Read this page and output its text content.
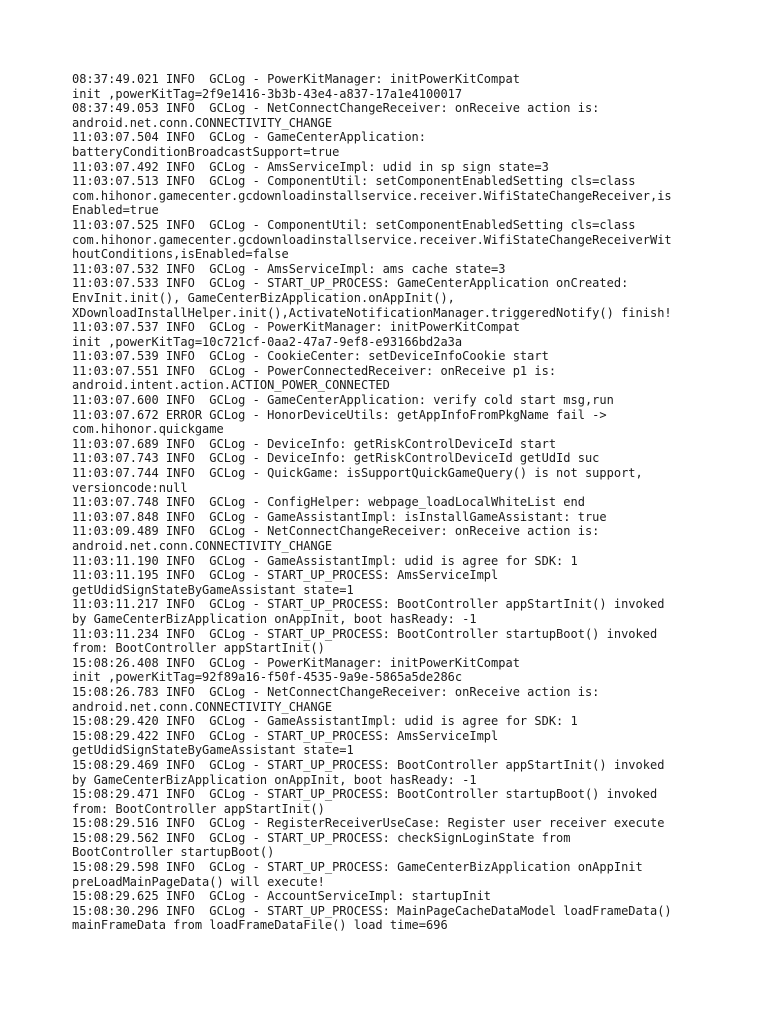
08:37:49.021 INFO  GCLog - PowerKitManager: initPowerKitCompat
init ,powerKitTag=2f9e1416-3b3b-43e4-a837-17a1e4100017
08:37:49.053 INFO  GCLog - NetConnectChangeReceiver: onReceive action is:
android.net.conn.CONNECTIVITY_CHANGE
11:03:07.504 INFO  GCLog - GameCenterApplication:
batteryConditionBroadcastSupport=true
11:03:07.492 INFO  GCLog - AmsServiceImpl: udid in sp sign state=3
11:03:07.513 INFO  GCLog - ComponentUtil: setComponentEnabledSetting cls=class
com.hihonor.gamecenter.gcdownloadinstallservice.receiver.WifiStateChangeReceiver,is
Enabled=true
11:03:07.525 INFO  GCLog - ComponentUtil: setComponentEnabledSetting cls=class
com.hihonor.gamecenter.gcdownloadinstallservice.receiver.WifiStateChangeReceiverWit
houtConditions,isEnabled=false
11:03:07.532 INFO  GCLog - AmsServiceImpl: ams cache state=3
11:03:07.533 INFO  GCLog - START_UP_PROCESS: GameCenterApplication onCreated:
EnvInit.init(), GameCenterBizApplication.onAppInit(),
XDownloadInstallHelper.init(),ActivateNotificationManager.triggeredNotify() finish!
11:03:07.537 INFO  GCLog - PowerKitManager: initPowerKitCompat
init ,powerKitTag=10c721cf-0aa2-47a7-9ef8-e93166bd2a3a
11:03:07.539 INFO  GCLog - CookieCenter: setDeviceInfoCookie start
11:03:07.551 INFO  GCLog - PowerConnectedReceiver: onReceive p1 is:
android.intent.action.ACTION_POWER_CONNECTED
11:03:07.600 INFO  GCLog - GameCenterApplication: verify cold start msg,run
11:03:07.672 ERROR GCLog - HonorDeviceUtils: getAppInfoFromPkgName fail ->
com.hihonor.quickgame
11:03:07.689 INFO  GCLog - DeviceInfo: getRiskControlDeviceId start
11:03:07.743 INFO  GCLog - DeviceInfo: getRiskControlDeviceId getUdId suc
11:03:07.744 INFO  GCLog - QuickGame: isSupportQuickGameQuery() is not support,
versioncode:null
11:03:07.748 INFO  GCLog - ConfigHelper: webpage_loadLocalWhiteList end
11:03:07.848 INFO  GCLog - GameAssistantImpl: isInstallGameAssistant: true
11:03:09.489 INFO  GCLog - NetConnectChangeReceiver: onReceive action is:
android.net.conn.CONNECTIVITY_CHANGE
11:03:11.190 INFO  GCLog - GameAssistantImpl: udid is agree for SDK: 1
11:03:11.195 INFO  GCLog - START_UP_PROCESS: AmsServiceImpl
getUdidSignStateByGameAssistant state=1
11:03:11.217 INFO  GCLog - START_UP_PROCESS: BootController appStartInit() invoked
by GameCenterBizApplication onAppInit, boot hasReady: -1
11:03:11.234 INFO  GCLog - START_UP_PROCESS: BootController startupBoot() invoked
from: BootController appStartInit()
15:08:26.408 INFO  GCLog - PowerKitManager: initPowerKitCompat
init ,powerKitTag=92f89a16-f50f-4535-9a9e-5865a5de286c
15:08:26.783 INFO  GCLog - NetConnectChangeReceiver: onReceive action is:
android.net.conn.CONNECTIVITY_CHANGE
15:08:29.420 INFO  GCLog - GameAssistantImpl: udid is agree for SDK: 1
15:08:29.422 INFO  GCLog - START_UP_PROCESS: AmsServiceImpl
getUdidSignStateByGameAssistant state=1
15:08:29.469 INFO  GCLog - START_UP_PROCESS: BootController appStartInit() invoked
by GameCenterBizApplication onAppInit, boot hasReady: -1
15:08:29.471 INFO  GCLog - START_UP_PROCESS: BootController startupBoot() invoked
from: BootController appStartInit()
15:08:29.516 INFO  GCLog - RegisterReceiverUseCase: Register user receiver execute
15:08:29.562 INFO  GCLog - START_UP_PROCESS: checkSignLoginState from
BootController startupBoot()
15:08:29.598 INFO  GCLog - START_UP_PROCESS: GameCenterBizApplication onAppInit
preLoadMainPageData() will execute!
15:08:29.625 INFO  GCLog - AccountServiceImpl: startupInit
15:08:30.296 INFO  GCLog - START_UP_PROCESS: MainPageCacheDataModel loadFrameData()
mainFrameData from loadFrameDataFile() load time=696
